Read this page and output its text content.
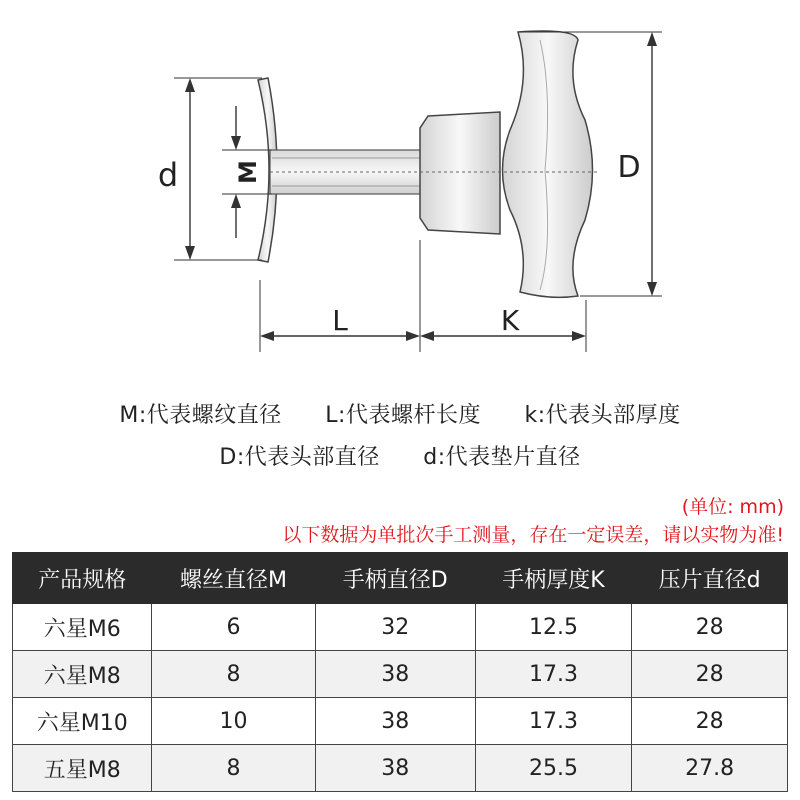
d M	D
L	K
M:代表螺纹直径 L:代表螺杆长度 k:代表头部厚度
D:代表头部直径 d:代表垫片直径
(单位: mm)
以下数据为单批次手工测量，存在一定误差，请以实物为准!
产品规格	螺丝直径M	手柄直径D	手柄厚度K	压片直径d
六星M6	6	32	12.5	28
六星M8	8	38	17.3	28
六星M10	10	38	17.3	28
五星M8	8	38	25.5	27.8
